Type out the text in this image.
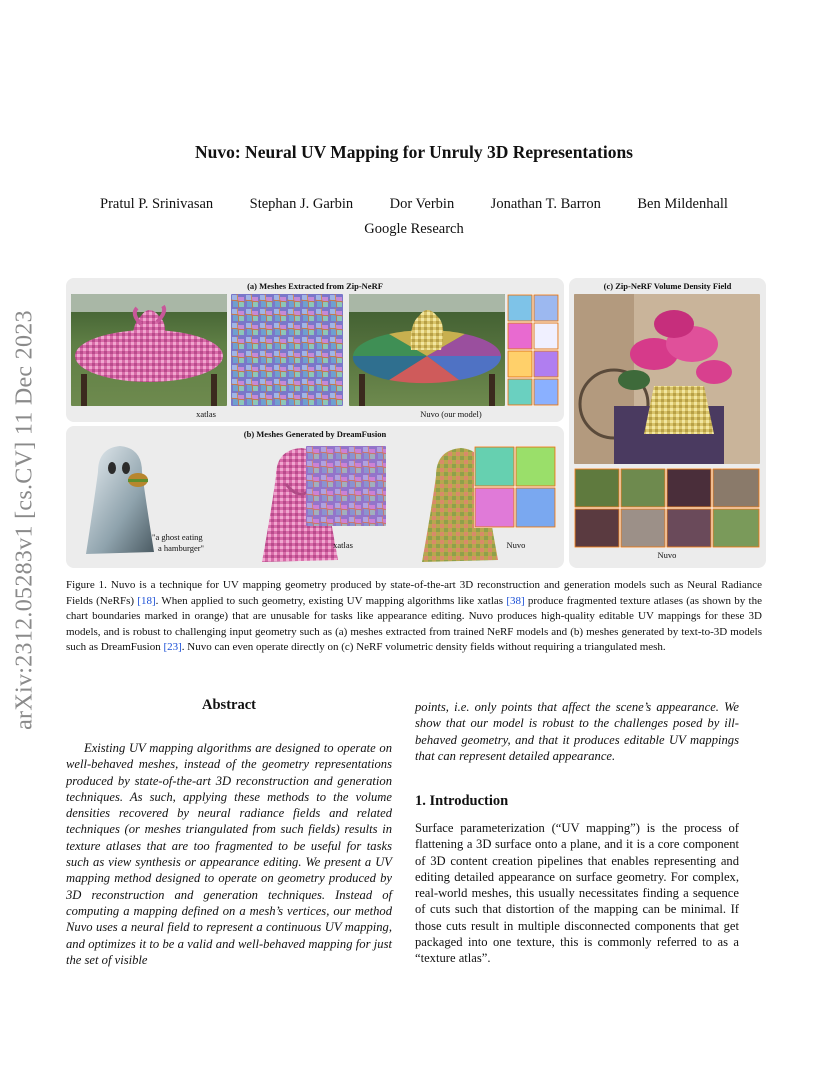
arXiv:2312.05283v1 [cs.CV] 11 Dec 2023
Nuvo: Neural UV Mapping for Unruly 3D Representations
Pratul P. Srinivasan	Stephan J. Garbin	Dor Verbin	Jonathan T. Barron	Ben Mildenhall
Google Research
(a) Meshes Extracted from Zip-NeRF
xatlas	Nuvo (our model)
(b) Meshes Generated by DreamFusion
"a ghost eating
a hamburger"	xatlas	Nuvo
(c) Zip-NeRF Volume Density Field
Nuvo
Figure 1. Nuvo is a technique for UV mapping geometry produced by state-of-the-art 3D reconstruction and generation models such as Neural Radiance Fields (NeRFs) [18]. When applied to such geometry, existing UV mapping algorithms like xatlas [38] produce fragmented texture atlases (as shown by the chart boundaries marked in orange) that are unusable for tasks like appearance editing. Nuvo produces high-quality editable UV mappings for these 3D models, and is robust to challenging input geometry such as (a) meshes extracted from trained NeRF models and (b) meshes generated by text-to-3D models such as DreamFusion [23]. Nuvo can even operate directly on (c) NeRF volumetric density fields without requiring a triangulated mesh.
Abstract
Existing UV mapping algorithms are designed to operate on well-behaved meshes, instead of the geometry representations produced by state-of-the-art 3D reconstruction and generation techniques. As such, applying these methods to the volume densities recovered by neural radiance fields and related techniques (or meshes triangulated from such fields) results in texture atlases that are too fragmented to be useful for tasks such as view synthesis or appearance editing. We present a UV mapping method designed to operate on geometry produced by 3D reconstruction and generation techniques. Instead of computing a mapping defined on a mesh’s vertices, our method Nuvo uses a neural field to represent a continuous UV mapping, and optimizes it to be a valid and well-behaved mapping for just the set of visible
points, i.e. only points that affect the scene’s appearance. We show that our model is robust to the challenges posed by ill-behaved geometry, and that it produces editable UV mappings that can represent detailed appearance.
1. Introduction
Surface parameterization (“UV mapping”) is the process of flattening a 3D surface onto a plane, and it is a core component of 3D content creation pipelines that enables representing and editing detailed appearance on surface geometry. For complex, real-world meshes, this usually necessitates finding a sequence of cuts such that distortion of the mapping can be minimal. If those cuts result in multiple disconnected components that get packaged into one texture, this is commonly referred to as a “texture atlas”.
